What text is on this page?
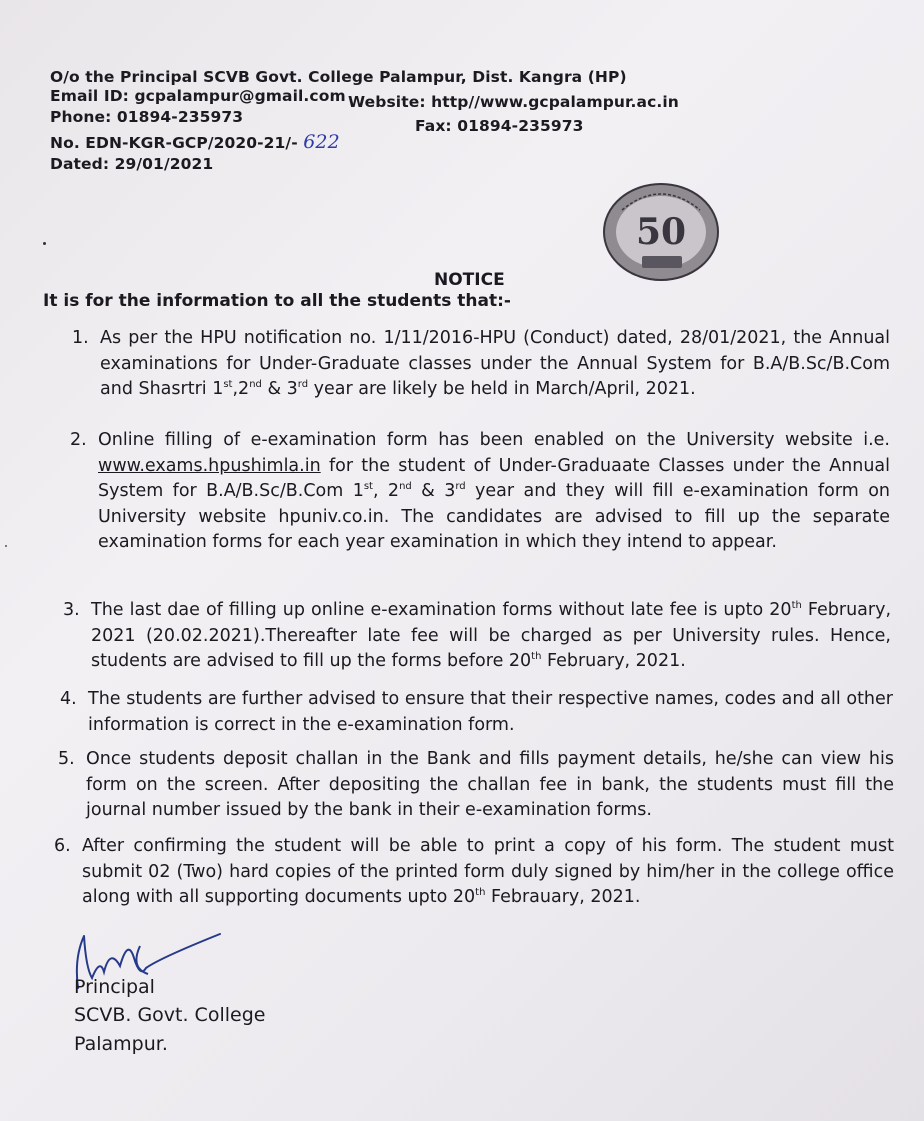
O/o the Principal SCVB Govt. College Palampur, Dist. Kangra (HP)
Email ID: gcpalampur@gmail.com Website: http//www.gcpalampur.ac.in
Phone: 01894-235973	Fax: 01894-235973
No. EDN-KGR-GCP/2020-21/- 622
Dated: 29/01/2021
50
NOTICE
It is for the information to all the students that:-
1. As per the HPU notification no. 1/11/2016-HPU (Conduct) dated, 28/01/2021, the Annual examinations for Under-Graduate classes under the Annual System for B.A/B.Sc/B.Com and Shasrtri 1st,2nd & 3rd year are likely be held in March/April, 2021.
2. Online filling of e-examination form has been enabled on the University website i.e. www.exams.hpushimla.in for the student of Under-Graduaate Classes under the Annual System for B.A/B.Sc/B.Com 1st, 2nd & 3rd year and they will fill e-examination form on University website hpuniv.co.in. The candidates are advised to fill up the separate examination forms for each year examination in which they intend to appear.
3. The last dae of filling up online e-examination forms without late fee is upto 20th February, 2021 (20.02.2021).Thereafter late fee will be charged as per University rules. Hence, students are advised to fill up the forms before 20th February, 2021.
4. The students are further advised to ensure that their respective names, codes and all other information is correct in the e-examination form.
5. Once students deposit challan in the Bank and fills payment details, he/she can view his form on the screen. After depositing the challan fee in bank, the students must fill the journal number issued by the bank in their e-examination forms.
6. After confirming the student will be able to print a copy of his form. The student must submit 02 (Two) hard copies of the printed form duly signed by him/her in the college office along with all supporting documents upto 20th Febrauary, 2021.
Principal
SCVB. Govt. College
Palampur.
